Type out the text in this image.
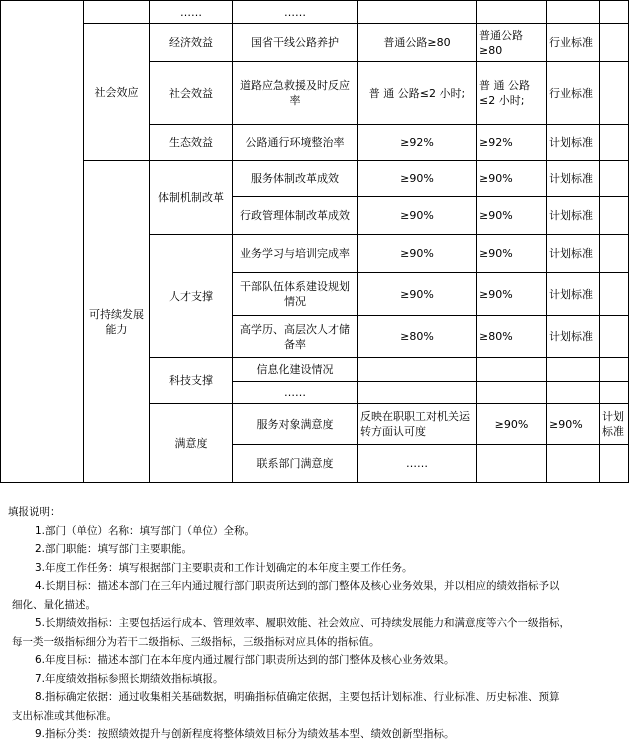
		……	……					
	社会效应	经济效益	国省干线公路养护	普通公路≥80	普通公路≥80	行业标准		
		社会效益	道路应急救援及时反应率	普 通 公路≤2 小时;	普 通 公路≤2 小时;	行业标准		
		生态效益	公路通行环境整治率	≥92%	≥92%	计划标准		
	可持续发展能力	体制机制改革	服务体制改革成效	≥90%	≥90%	计划标准		
			行政管理体制改革成效	≥90%	≥90%	计划标准		
		人才支撑	业务学习与培训完成率	≥90%	≥90%	计划标准		
			干部队伍体系建设规划情况	≥90%	≥90%	计划标准		
			高学历、高层次人才储备率	≥80%	≥80%	计划标准		
		科技支撑	信息化建设情况					
			……					
		满意度	服务对象满意度	反映在职职工对机关运转方面认可度	≥90%	≥90%	计划标准	
			联系部门满意度	……				

填报说明：

1.部门（单位）名称：填写部门（单位）全称。

2.部门职能：填写部门主要职能。

3.年度工作任务：填写根据部门主要职责和工作计划确定的本年度主要工作任务。

4.长期目标：描述本部门在三年内通过履行部门职责所达到的部门整体及核心业务效果，并以相应的绩效指标予以

细化、量化描述。

5.长期绩效指标：主要包括运行成本、管理效率、履职效能、社会效应、可持续发展能力和满意度等六个一级指标，

每一类一级指标细分为若干二级指标、三级指标，三级指标对应具体的指标值。

6.年度目标：描述本部门在本年度内通过履行部门职责所达到的部门整体及核心业务效果。

7.年度绩效指标参照长期绩效指标填报。

8.指标确定依据：通过收集相关基础数据，明确指标值确定依据，主要包括计划标准、行业标准、历史标准、预算

支出标准或其他标准。

9.指标分类：按照绩效提升与创新程度将整体绩效目标分为绩效基本型、绩效创新型指标。
